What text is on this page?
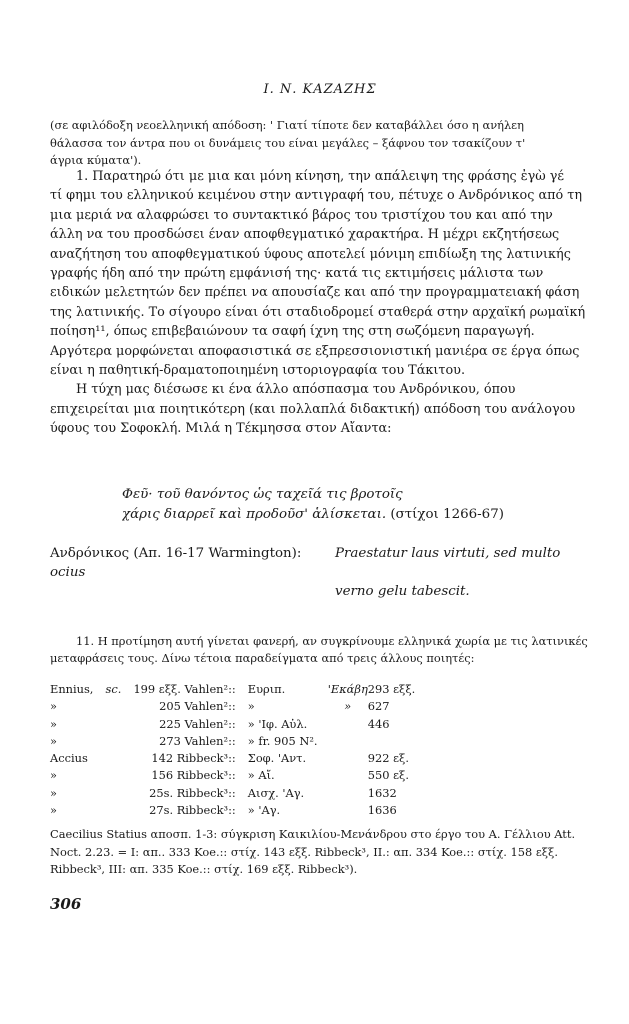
Ι. Ν. ΚΑΖΑΖΗΣ
(σε αφιλόδοξη νεοελληνική απόδοση: ' Γιατί τίποτε δεν καταβάλλει όσο η ανήλεη
θάλασσα τον άντρα που οι δυνάμεις του είναι μεγάλες – ξάφνου τον τσακίζουν τ'
άγρια κύματα').
1. Παρατηρώ ότι με μια και μόνη κίνηση, την απάλειψη της φράσης ἐγὼ γέ
τί φημι του ελληνικού κειμένου στην αντιγραφή του, πέτυχε ο Ανδρόνικος από τη
μια μεριά να αλαφρώσει το συντακτικό βάρος του τριστίχου του και από την
άλλη να του προσδώσει έναν αποφθεγματικό χαρακτήρα. Η μέχρι εκζητήσεως
αναζήτηση του αποφθεγματικού ύφους αποτελεί μόνιμη επιδίωξη της λατινικής
γραφής ήδη από την πρώτη εμφάνισή της· κατά τις εκτιμήσεις μάλιστα των
ειδικών μελετητών δεν πρέπει να απουσίαζε και από την προγραμματειακή φάση
της λατινικής. Το σίγουρο είναι ότι σταδιοδρομεί σταθερά στην αρχαϊκή ρωμαϊκή
ποίηση¹¹, όπως επιβεβαιώνουν τα σαφή ίχνη της στη σωζόμενη παραγωγή.
Αργότερα μορφώνεται αποφασιστικά σε εξπρεσσιονιστική μανιέρα σε έργα όπως
είναι η παθητική-δραματοποιημένη ιστοριογραφία του Τάκιτου.
Η τύχη μας διέσωσε κι ένα άλλο απόσπασμα του Ανδρόνικου, όπου
επιχειρείται μια ποιητικότερη (και πολλαπλά διδακτική) απόδοση του ανάλογου
ύφους του Σοφοκλή. Μιλά η Τέκμησσα στον Αἴαντα:
Φεῦ· τοῦ θανόντος ὡς ταχεῖά τις βροτοῖς
χάρις διαρρεῖ καὶ προδοῦσ' ἁλίσκεται. (στίχοι 1266-67)
Ανδρόνικος (Απ. 16-17 Warmington):	Praestatur laus virtuti, sed multo ocius
verno gelu tabescit.
11. Η προτίμηση αυτή γίνεται φανερή, αν συγκρίνουμε ελληνικά χωρία με τις λατινικές
μεταφράσεις τους. Δίνω τέτοια παραδείγματα από τρεις άλλους ποιητές:
Ennius,	sc.	199 εξξ. Vahlen²::	Ευριπ.	'Εκάβη	293 εξξ.
»		205 Vahlen²::	»	»	627
»		225 Vahlen²::	» 'Ιφ. Αὐλ.		446
»		273 Vahlen²::	» fr. 905 N².		
Accius		142 Ribbeck³::	Σοφ. 'Αντ.		922 εξ.
»		156 Ribbeck³::	» Αἴ.		550 εξ.
»		25s. Ribbeck³::	Αισχ. 'Αγ.		1632
»		27s. Ribbeck³::	» 'Αγ.		1636
Caecilius Statius αποσπ. 1-3: σύγκριση Καικιλίου-Μενάνδρου στο έργο του Α. Γέλλιου Att.
Noct. 2.23. = I: απ.. 333 Koe.:: στίχ. 143 εξξ. Ribbeck³, II.: απ. 334 Koe.:: στίχ. 158 εξξ.
Ribbeck³, III: απ. 335 Koe.:: στίχ. 169 εξξ. Ribbeck³).
306
